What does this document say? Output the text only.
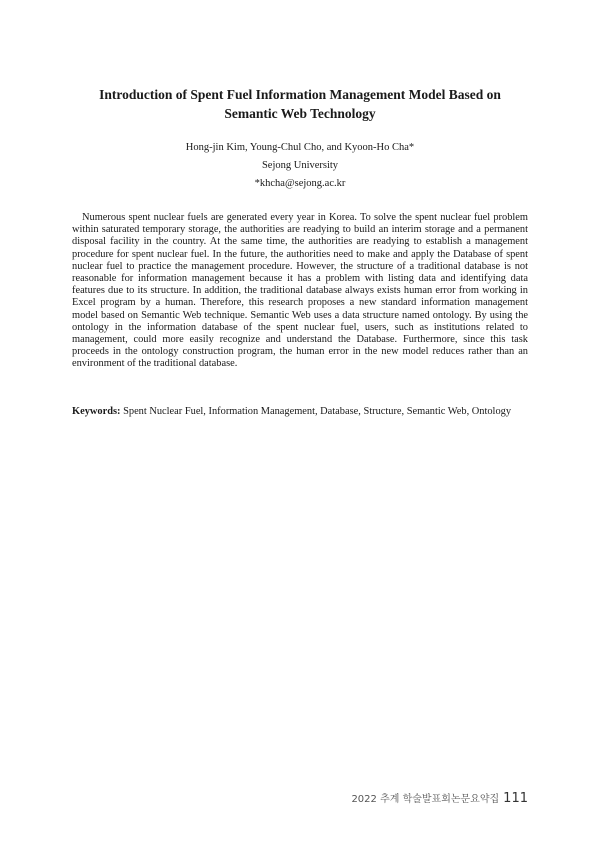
Introduction of Spent Fuel Information Management Model Based on Semantic Web Technology
Hong-jin Kim, Young-Chul Cho, and Kyoon-Ho Cha*
Sejong University
*khcha@sejong.ac.kr

Numerous spent nuclear fuels are generated every year in Korea. To solve the spent nuclear fuel problem within saturated temporary storage, the authorities are readying to build an interim storage and a permanent disposal facility in the country. At the same time, the authorities are readying to establish a management procedure for spent nuclear fuel. In the future, the authorities need to make and apply the Database of spent nuclear fuel to practice the management procedure. However, the structure of a traditional database is not reasonable for information management because it has a problem with listing data and identifying data features due to its structure. In addition, the traditional database always exists human error from working in Excel program by a human. Therefore, this research proposes a new standard information management model based on Semantic Web technique. Semantic Web uses a data structure named ontology. By using the ontology in the information database of the spent nuclear fuel, users, such as institutions related to management, could more easily recognize and understand the Database. Furthermore, since this task proceeds in the ontology construction program, the human error in the new model reduces rather than an environment of the traditional database.

Keywords: Spent Nuclear Fuel, Information Management, Database, Structure, Semantic Web, Ontology

2022 추계 학술발표회논문요약집 111
